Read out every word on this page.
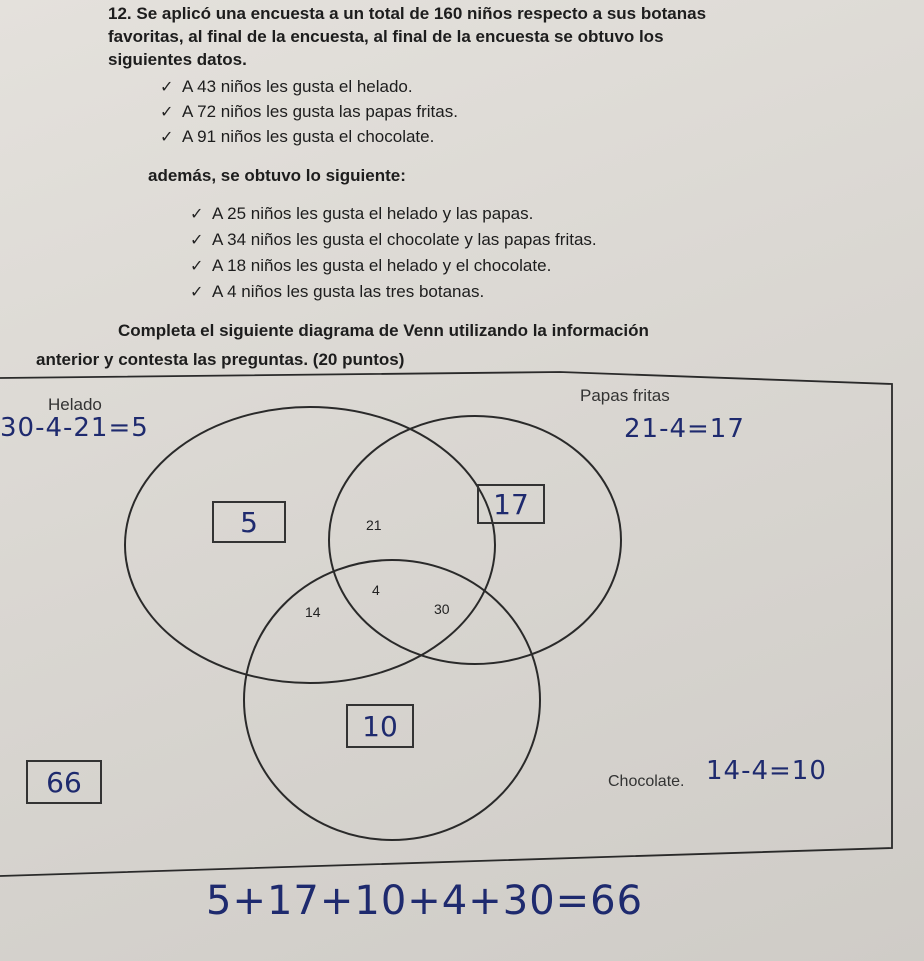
12. Se aplicó una encuesta a un total de 160 niños respecto a sus botanas
favoritas, al final de la encuesta, al final de la encuesta se obtuvo los
siguientes datos.
✓ A 43 niños les gusta el helado.
✓ A 72 niños les gusta las papas fritas.
✓ A 91 niños les gusta el chocolate.
además, se obtuvo lo siguiente:
✓ A 25 niños les gusta el helado y las papas.
✓ A 34 niños les gusta el chocolate y las papas fritas.
✓ A 18 niños les gusta el helado y el chocolate.
✓ A 4 niños les gusta las tres botanas.
Completa el siguiente diagrama de Venn utilizando la información
anterior y contesta las preguntas. (20 puntos)
Helado	Papas fritas
Chocolate.
21
4
14	30
30-4-21=5	21-4=17
14-4=10
5
17
10
66
5+17+10+4+30=66
